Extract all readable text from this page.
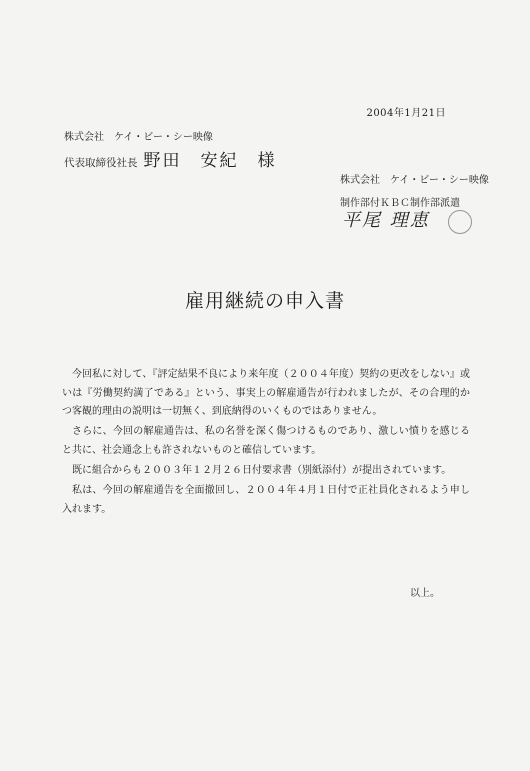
2004年1月21日
株式会社　ケイ・ビー・シー映像
代表取締役社長 野田　安紀　様
株式会社　ケイ・ビー・シー映像
制作部付ＫＢＣ制作部派遣
平尾 理恵
雇用継続の申入書

今回私に対して、『評定結果不良により来年度（２００４年度）契約の更改をしない』或いは『労働契約満了である』という、事実上の解雇通告が行われましたが、その合理的かつ客観的理由の説明は一切無く、到底納得のいくものではありません。

さらに、今回の解雇通告は、私の名誉を深く傷つけるものであり、激しい憤りを感じると共に、社会通念上も許されないものと確信しています。

既に組合からも２００３年１２月２６日付要求書（別紙添付）が提出されています。

私は、今回の解雇通告を全面撤回し、２００４年４月１日付で正社員化されるよう申し入れます。

以上。
